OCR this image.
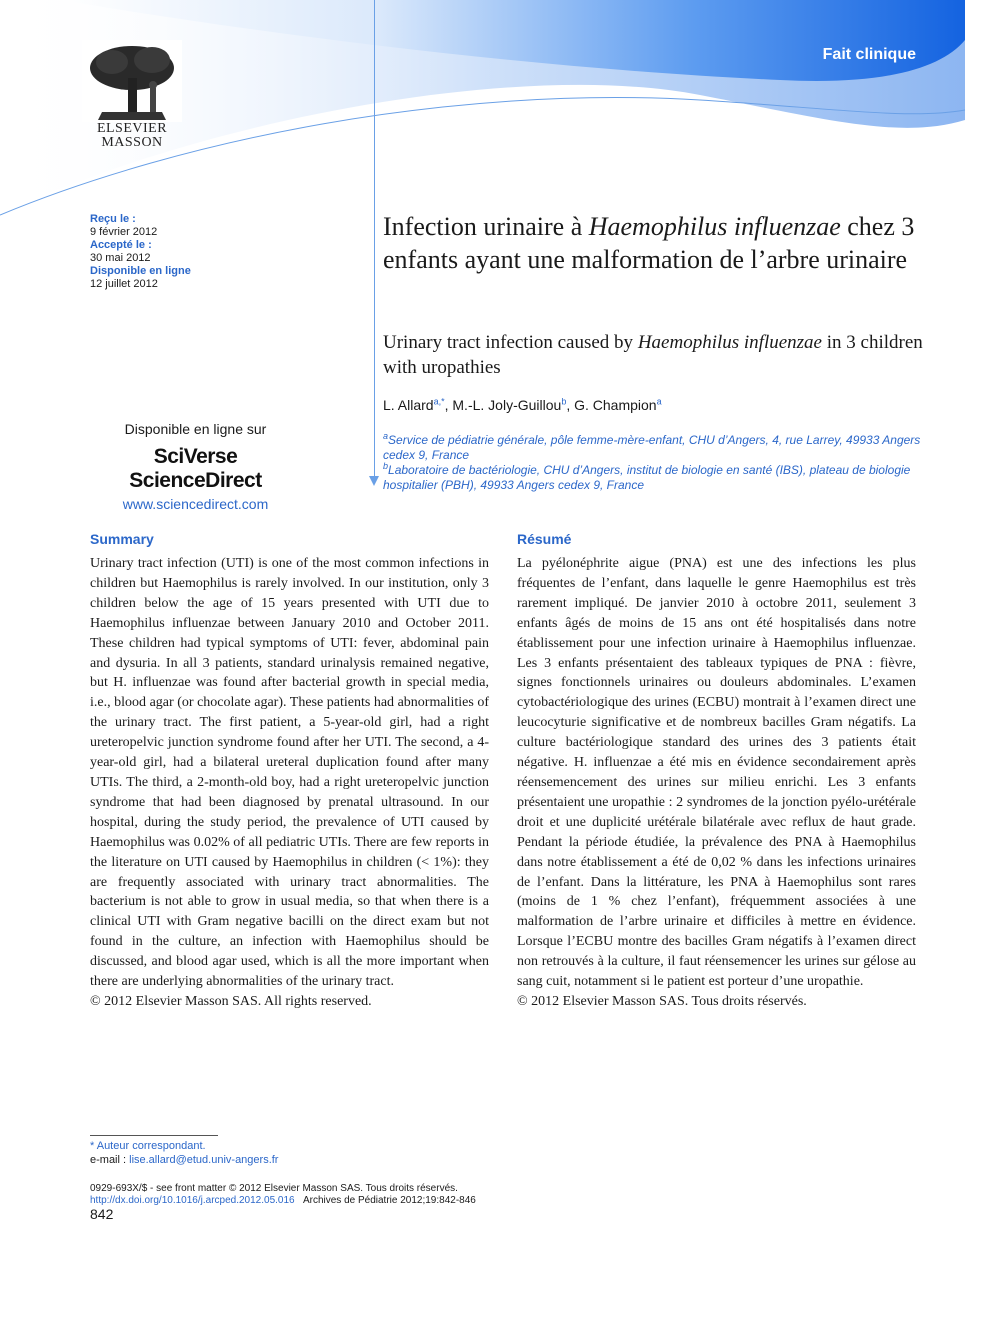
ELSEVIER
MASSON
Fait clinique
Reçu le :
9 février 2012
Accepté le :
30 mai 2012
Disponible en ligne
12 juillet 2012
Infection urinaire à Haemophilus influenzae chez 3 enfants ayant une malformation de l’arbre urinaire
Urinary tract infection caused by Haemophilus influenzae in 3 children with uropathies
L. Allard$^{a,*}$, M.-L. Joly-Guillou$^b$, G. Champion$^a$
$^a$Service de pédiatrie générale, pôle femme-mère-enfant, CHU d’Angers, 4, rue Larrey, 49933 Angers cedex 9, France
$^b$Laboratoire de bactériologie, CHU d’Angers, institut de biologie en santé (IBS), plateau de biologie hospitalier (PBH), 49933 Angers cedex 9, France
Disponible en ligne sur
SciVerse ScienceDirect
www.sciencedirect.com
Summary

Urinary tract infection (UTI) is one of the most common infections in children but Haemophilus is rarely involved. In our institution, only 3 children below the age of 15 years presented with UTI due to Haemophilus influenzae between January 2010 and October 2011. These children had typical symptoms of UTI: fever, abdominal pain and dysuria. In all 3 patients, standard urinalysis remained negative, but H. influenzae was found after bacterial growth in special media, i.e., blood agar (or chocolate agar). These patients had abnormalities of the urinary tract. The first patient, a 5-year-old girl, had a right ureteropelvic junction syndrome found after her UTI. The second, a 4-year-old girl, had a bilateral ureteral duplication found after many UTIs. The third, a 2-month-old boy, had a right ureteropelvic junction syndrome that had been diagnosed by prenatal ultrasound. In our hospital, during the study period, the prevalence of UTI caused by Haemophilus was 0.02% of all pediatric UTIs. There are few reports in the literature on UTI caused by Haemophilus in children (< 1%): they are frequently associated with urinary tract abnormalities. The bacterium is not able to grow in usual media, so that when there is a clinical UTI with Gram negative bacilli on the direct exam but not found in the culture, an infection with Haemophilus should be discussed, and blood agar used, which is all the more important when there are underlying abnormalities of the urinary tract.

© 2012 Elsevier Masson SAS. All rights reserved.

Résumé

La pyélonéphrite aigue (PNA) est une des infections les plus fréquentes de l’enfant, dans laquelle le genre Haemophilus est très rarement impliqué. De janvier 2010 à octobre 2011, seulement 3 enfants âgés de moins de 15 ans ont été hospitalisés dans notre établissement pour une infection urinaire à Haemophilus influenzae. Les 3 enfants présentaient des tableaux typiques de PNA : fièvre, signes fonctionnels urinaires ou douleurs abdominales. L’examen cytobactériologique des urines (ECBU) montrait à l’examen direct une leucocyturie significative et de nombreux bacilles Gram négatifs. La culture bactériologique standard des urines des 3 patients était négative. H. influenzae a été mis en évidence secondairement après réensemencement des urines sur milieu enrichi. Les 3 enfants présentaient une uropathie : 2 syndromes de la jonction pyélo-urétérale droit et une duplicité urétérale bilatérale avec reflux de haut grade. Pendant la période étudiée, la prévalence des PNA à Haemophilus dans notre établissement a été de 0,02 % dans les infections urinaires de l’enfant. Dans la littérature, les PNA à Haemophilus sont rares (moins de 1 % chez l’enfant), fréquemment associées à une malformation de l’arbre urinaire et difficiles à mettre en évidence. Lorsque l’ECBU montre des bacilles Gram négatifs à l’examen direct non retrouvés à la culture, il faut réensemencer les urines sur gélose au sang cuit, notamment si le patient est porteur d’une uropathie.

© 2012 Elsevier Masson SAS. Tous droits réservés.

* Auteur correspondant.
e-mail : lise.allard@etud.univ-angers.fr
0929-693X/$ - see front matter © 2012 Elsevier Masson SAS. Tous droits réservés.
http://dx.doi.org/10.1016/j.arcped.2012.05.016 Archives de Pédiatrie 2012;19:842-846
842
